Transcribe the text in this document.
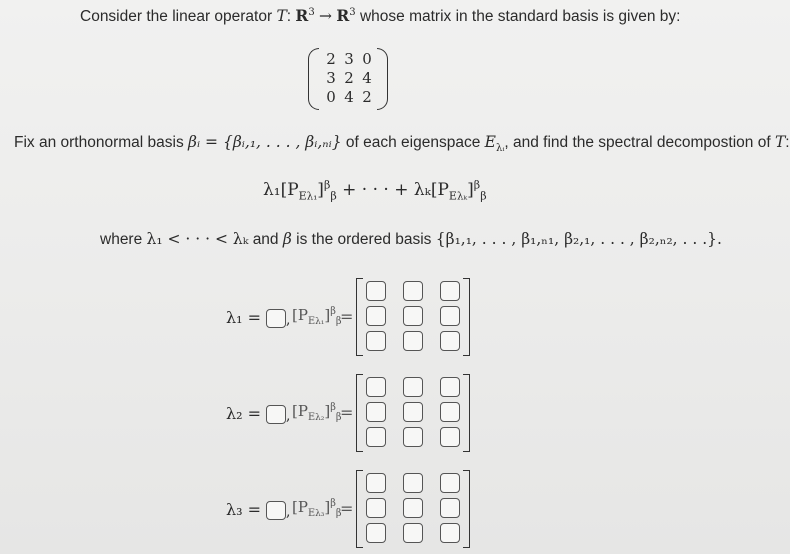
Consider the linear operator T: $R^3 \to R^3$ whose matrix in the standard basis is given by:
2 3 0
3 2 4
0 4 2
Fix an orthonormal basis βᵢ = {βᵢ,₁, . . . , βᵢ,ₙᵢ} of each eigenspace $E_{\lambda ᵢ}$, and find the spectral decompostion of T:
$\lambda_1[P_{E\lambda_1}]^\beta_\beta$ + · · · + $\lambda_k[P_{E\lambda_k}]^\beta_\beta$
where λ₁ < · · · < λₖ and β is the ordered basis {β₁,₁, . . . , β₁,ₙ₁, β₂,₁, . . . , β₂,ₙ₂, . . .}.
λ₁ = , $[P_{E\lambda_1}]^\beta_\beta$
=
λ₂ = , $[P_{E\lambda_2}]^\beta_\beta$
=
λ₃ = , $[P_{E\lambda_3}]^\beta_\beta$
=
